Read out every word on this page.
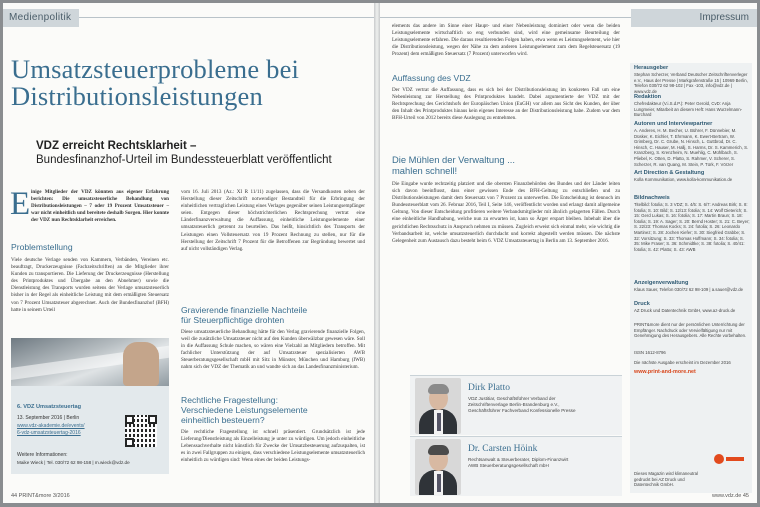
Medienpolitik
Umsatzsteuerprobleme bei
Distributionsleistungen
VDZ erreicht Rechtsklarheit –
Bundesfinanzhof-Urteil im Bundessteuerblatt veröffentlicht
E inige Mitglieder der VDZ könnten aus eigener Erfahrung berichten: Die umsatzsteuerliche Behandlung von Distributionsleistungen – 7 oder 19 Prozent Umsatzsteuer – war nicht einheitlich und bereitete deshalb Sorgen. Hier konnte der VDZ nun Rechtsklarheit erreichen.
Problemstellung
Viele deutsche Verlage senden von Kammern, Verbänden, Vereinen etc. beauftragt, Druckerzeugnisse (Fachzeitschriften) an die Mitglieder ihrer Kunden zu transportieren. Die Lieferung der Druckerzeugnisse (Herstellung des Printproduktes und Übergabe an den Abnehmer) sowie die Dienstleistung des Transports wurden seitens der Verlage umsatzsteuerlich bisher in der Regel als einheitliche Leistung mit dem ermäßigten Steuersatz von 7 Prozent Umsatzsteuer abgerechnet. Auch der Bundesfinanzhof (BFH) hatte in seinem Urteil
6. VDZ Umsatzsteuertag
13. September 2016 | Berlin
www.vdz-akademie.de/events/
6-vdz-umsatzsteuertag-2016
Weitere Informationen:
Maike Wieck | Tel. 030/72 62 98-158 | m.wieck@vdz.de
vom 16. Juli 2013 (Az.: XI R 11/11) zugelassen, dass die Versandkosten neben der Herstellung dieser Zeitschrift notwendiger Bestandteil für die Erbringung der einheitlichen vertraglichen Leistung eines Verlages gegenüber seinen Leistungsempfänger seien. Entgegen dieser höchstrichterlichen Rechtsprechung vertrat eine Länderfinanzverwaltung die Auffassung, einheitliche Leistungselemente einer umsatzsteuerlich getrennt zu beurteilen. Das heißt, hinsichtlich des Transports der Leistungen einen Vollsteuersatz von 19 Prozent Rechnung zu stellen, nur für die Herstellung der Zeitschrift 7 Prozent für die Betroffenen zur Begründung bewertet und auf nicht vollständigen Verlag.
Gravierende finanzielle Nachteile
für Steuerpflichtige drohten
Diese umsatzsteuerliche Behandlung hätte für den Verlag gravierende finanzielle Folgen, weil die zusätzliche Umsatzsteuer nicht auf den Kunden überwälzbar gewesen wäre. Soll in die Auffassung Schule machen, so wären eine Vielzahl an Mitgliedern betroffen. Mit fachlicher Unterstützung der auf Umsatzsteuer spezialisierten AWB Steuerberatungsgesellschaft mbH mit Sitz in Münster, München und Hamburg (IWB) nahm sich der VDZ der Thematik an und wandte sich an das Landesfinanzministerium.
Rechtliche Fragestellung:
Verschiedene Leistungselemente
einheitlich besteuern?
Die rechtliche Fragestellung ist schnell präsentiert. Grundsätzlich ist jede Lieferung/Dienstleistung als Einzelleistung je unter zu würdigen. Um jedoch einheitliche Lebenssachverhalte nicht künstlich für Zwecke der Umsatzbesteuerung aufzuspalten, ist es in zwei Fallgruppen zu einigen, dass verschiedene Leistungselemente umsatzsteuerlich einheitlich zu würdigen sind: Wenn eines der beiden Leistungs-
44 PRINT&more 3/2016
Impressum
elements das andere im Sinne einer Haupt- und einer Nebenleistung dominiert oder wenn die beiden Leistungselemente wirtschaftlich so eng verbunden sind, wird eine gemeinsame Beurteilung der Leistungselemente erfahren. Die daraus resultierenden Folgen haben, etwa wenn es Leistungselement, wie hier die Distributionsleistung, wegen der Nähe zu dem anderen Leistungselement zum dem Regelsteuersatz (19 Prozent) dem ermäßigten Steuersatz (7 Prozent) unterworfen wird.
Auffassung des VDZ
Der VDZ vertrat die Auffassung, dass es sich bei der Distributionsleistung im konkreten Fall um eine Nebenleistung zur Herstellung des Printproduktes handelt. Dabei argumentierte der VDZ mit der Rechtsprechung des Gerichtshofs der Europäischen Union (EuGH) vor allem aus Sicht des Kunden, der über den Inhalt des Printproduktes hinaus kein eigenes Interesse an der Distributionsleistung habe. Zudem war dem BFH-Urteil von 2012 bereits diese Auslegung zu entnehmen.
Die Mühlen der Verwaltung ...
mahlen schnell!
Die Eingabe wurde rechtzeitig platziert und die obersten Finanzbehörden des Bundes und der Länder leiten sich davon beeinflusst, dass einer gewissen Ende des BFH-Geltung zu entschließen und zu Distributionsleistungen damit dem Steuersatz von 7 Prozent zu unterwerfen. Die Entscheidung ist dennoch im Bundessteuerblatt vom 26. Februar 2016, Teil I, Seite 146, veröffentlicht worden und erlangt damit allgemeine Geltung. Von dieser Entscheidung profitieren weitere Verbandsmitglieder mit ähnlich gelagerten Fällen. Durch eine einheitliche Handhabung, welche nun zu erwarten ist, kann so Ärger erspart bleiben. Inbehalt über die gerichtlichen Rechtsschutz in Anspruch nehmen zu müssen. Zugleich erweist sich einmal mehr, wie wichtig die Verbandsarbeit ist, welche umsatzsteuerlich durchdacht und korrekt abgestellt werden müssen. Die nächste Gelegenheit zum Austausch dazu besteht beim 6. VDZ Umsatzsteuertag in Berlin am 13. September 2016.
Dirk Platto
VDZ Justitiar, Geschäftsführer Verband der
Zeitschriftenverlage Berlin-Brandenburg e.V.,
Geschäftsführer Fachverband Konfessionelle Presse
Dr. Carsten Höink
Rechtsanwalt & Steuerberater, Diplom-Finanzwirt
AWB Steuerberatungsgesellschaft mbH
Dieses Magazin wird klimaneutral gedruckt bei AZ Druck und Datentechnik GmbH.
www.vdz.de 45
Herausgeber
Stephan Scherzer, Verband Deutscher Zeitschriftenverleger e.V., Haus der Presse | Markgrafenstraße 15 | 10969 Berlin, Telefon 030/72 62 98-102 | Fax -103, info@vdz.de | www.vdz.de
Redaktion
Chefredakteur (V.i.S.d.P.): Peter Gerold, CvD: Anja Lungmeier, Mitarbeit an diesem Heft: Hans Wurzelmann-Burchard
Autoren und Interviewpartner
A. Anderes, H. M. Becher, U. Bührer, F. Dünnebier, M. Düsker, K. Eichler, T. Ehrmann, K. Ewert-Bertram, W. Grimberg, Dr. C. Grube, N. Hinsch, L. Guttbrod, Dr. C. Hinsch, C. Hauser, M. Hallj, S. Harms, Dr. S. Kammerich, S. Kranzberg, S. Krenzheim, N. Muehlig, C. Mühlbach, S. Pliebel, K. Otten, D. Platto, S. Rahmer, V. Scherer, S. Scherzer, R. van Quang, M. Stein, P. Türk, F. Vörzer
Art Direction & Gestaltung
Kolla Kommunikation, www.kolla-kommunikation.de
Bildnachweis
Titelbild: fotolia; S. 3 VDZ; S. 4/5: S. 6/7: Andreas Birk; S. 8: fotolia; S. 10: Bild; S. 12/13: fotolia; S. 14: Wolf Dieterich; S. 15: Gerd Lukas; S. 16: fotolia; S. 17: Martin Braun; S. 18: fotolia; S. 19: A. Sager; S. 20: Bernd Hoster; S. 21: C. Beyer; S. 22/23: Thomas Kocks; S. 24: fotolia; S. 26: Leonardo Martinez; S. 28: Jochen Kiefer; S. 30: Siegfried Grabbe; S. 32: Vorsitzung; S. 33: Thomas Hoffmann; S. 34: fotolia; S. 35: Mike Fraser; S. 36: Schmidtke; S. 38: fotolia; S. 40/41: fotolia; S. 42: Platto; S. 43: AWB
Anzeigenverwaltung
Klaus Sauer, Telefon 030/72 62 98-109 | a.sauer@vdz.de
Druck
AZ Druck und Datentechnik GmbH, www.az-druck.de
PRINT&more dient nur der persönlichen Unterrichtung der Empfänger. Nachdruck oder Vervielfältigung nur mit Genehmigung des Herausgebers. Alle Rechte vorbehalten.
ISSN 1612-8796
Die nächste Ausgabe erscheint im Dezember 2016
www.print-and-more.net
